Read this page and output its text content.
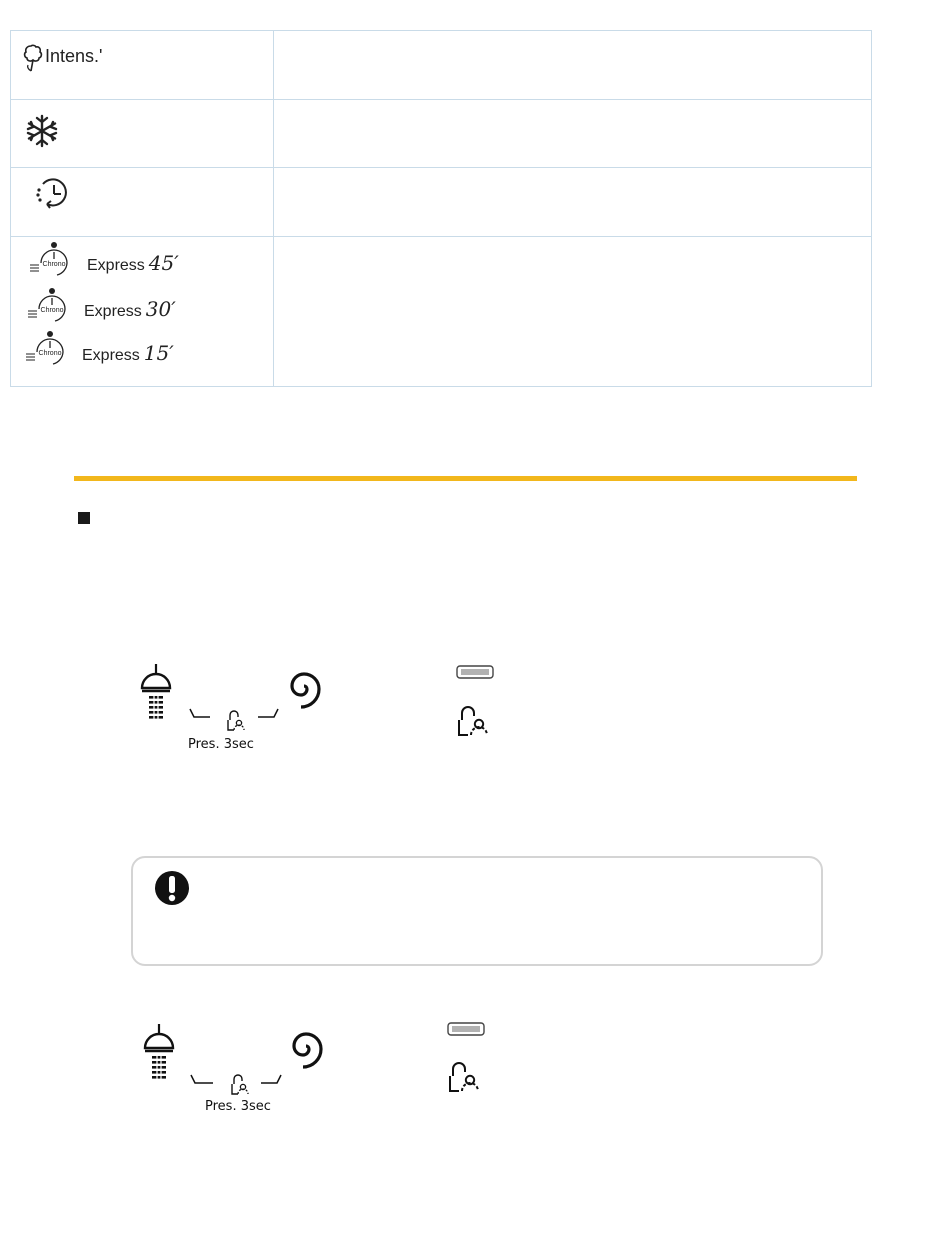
Intens.'
Chrono Express 45′
Chrono Express 30′
Chrono Express 15′
Pres. 3sec
Pres. 3sec
